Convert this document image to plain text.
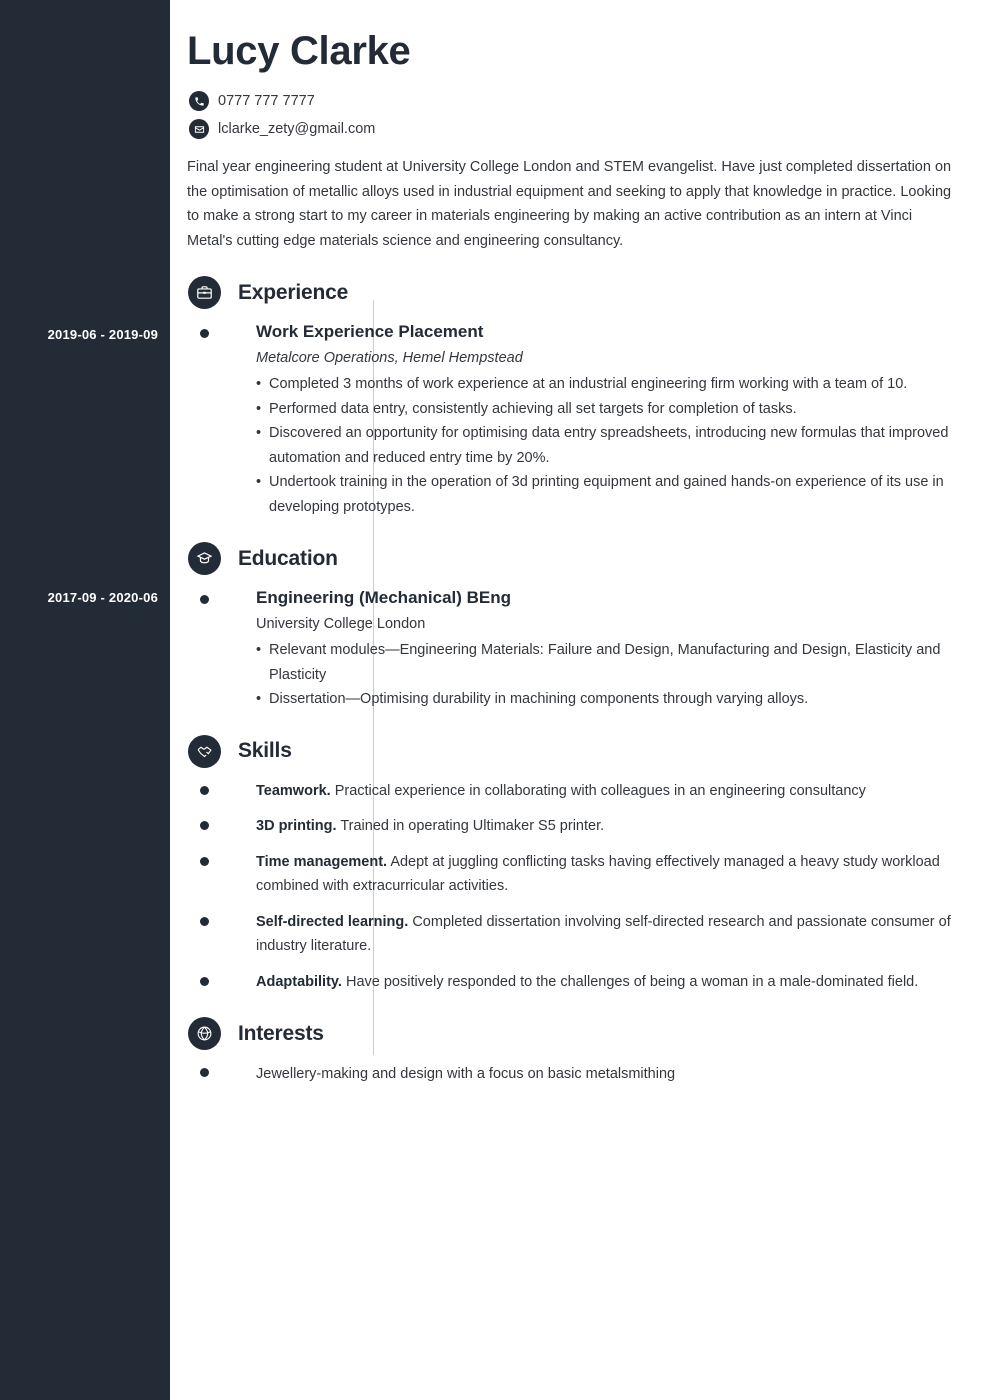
2019-06 - 2019-09
2017-09 - 2020-06
Lucy Clarke
0777 777 7777
lclarke_zety@gmail.com

Final year engineering student at University College London and STEM evangelist. Have just completed dissertation on the optimisation of metallic alloys used in industrial equipment and seeking to apply that knowledge in practice. Looking to make a strong start to my career in materials engineering by making an active contribution as an intern at Vinci Metal's cutting edge materials science and engineering consultancy.

Experience
Work Experience Placement
Metalcore Operations, Hemel Hempstead
• Completed 3 months of work experience at an industrial engineering firm working with a team of 10.
• Performed data entry, consistently achieving all set targets for completion of tasks.
• Discovered an opportunity for optimising data entry spreadsheets, introducing new formulas that improved automation and reduced entry time by 20%.
• Undertook training in the operation of 3d printing equipment and gained hands-on experience of its use in developing prototypes.
Education
Engineering (Mechanical) BEng
University College London
• Relevant modules—Engineering Materials: Failure and Design, Manufacturing and Design, Elasticity and Plasticity
• Dissertation—Optimising durability in machining components through varying alloys.
Skills
Teamwork. Practical experience in collaborating with colleagues in an engineering consultancy
3D printing. Trained in operating Ultimaker S5 printer.
Time management. Adept at juggling conflicting tasks having effectively managed a heavy study workload combined with extracurricular activities.
Self-directed learning. Completed dissertation involving self-directed research and passionate consumer of industry literature.
Adaptability. Have positively responded to the challenges of being a woman in a male-dominated field.
Interests
Jewellery-making and design with a focus on basic metalsmithing
